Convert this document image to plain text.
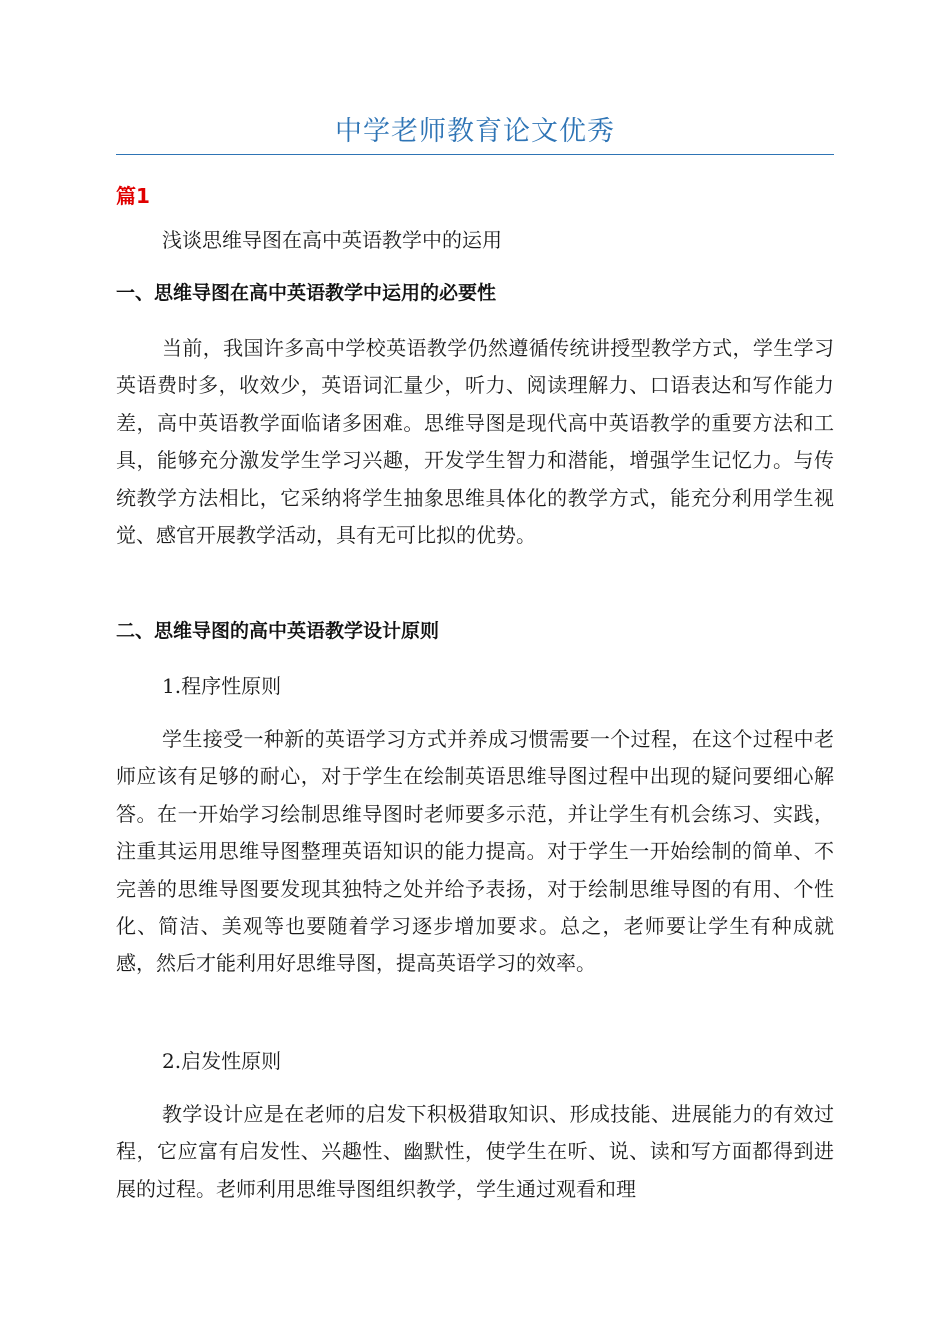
中学老师教育论文优秀
篇1
浅谈思维导图在高中英语教学中的运用
一、思维导图在高中英语教学中运用的必要性
当前，我国许多高中学校英语教学仍然遵循传统讲授型教学方式，学生学习英语费时多，收效少，英语词汇量少，听力、阅读理解力、口语表达和写作能力差，高中英语教学面临诸多困难。思维导图是现代高中英语教学的重要方法和工具，能够充分激发学生学习兴趣，开发学生智力和潜能，增强学生记忆力。与传统教学方法相比，它采纳将学生抽象思维具体化的教学方式，能充分利用学生视觉、感官开展教学活动，具有无可比拟的优势。
二、思维导图的高中英语教学设计原则
1.程序性原则
学生接受一种新的英语学习方式并养成习惯需要一个过程，在这个过程中老师应该有足够的耐心，对于学生在绘制英语思维导图过程中出现的疑问要细心解答。在一开始学习绘制思维导图时老师要多示范，并让学生有机会练习、实践，注重其运用思维导图整理英语知识的能力提高。对于学生一开始绘制的简单、不完善的思维导图要发现其独特之处并给予表扬，对于绘制思维导图的有用、个性化、简洁、美观等也要随着学习逐步增加要求。总之，老师要让学生有种成就感，然后才能利用好思维导图，提高英语学习的效率。
2.启发性原则
教学设计应是在老师的启发下积极猎取知识、形成技能、进展能力的有效过程，它应富有启发性、兴趣性、幽默性，使学生在听、说、读和写方面都得到进展的过程。老师利用思维导图组织教学，学生通过观看和理
